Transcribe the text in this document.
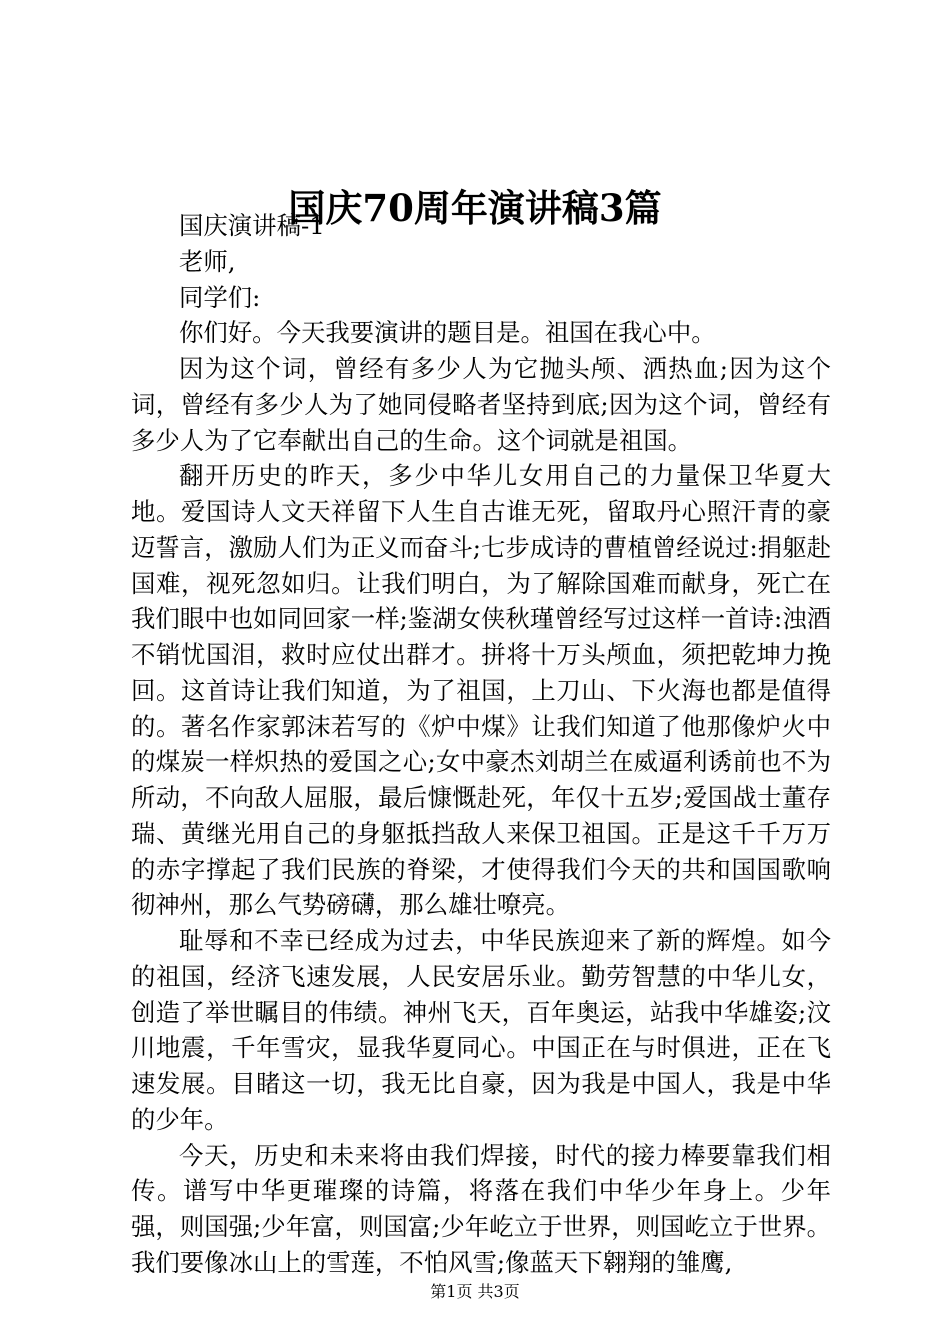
国庆70周年演讲稿3篇

国庆演讲稿-1

老师,

同学们:

你们好。今天我要演讲的题目是。祖国在我心中。

因为这个词，曾经有多少人为它抛头颅、洒热血;因为这个词，曾经有多少人为了她同侵略者坚持到底;因为这个词，曾经有多少人为了它奉献出自己的生命。这个词就是祖国。

翻开历史的昨天，多少中华儿女用自己的力量保卫华夏大地。爱国诗人文天祥留下人生自古谁无死，留取丹心照汗青的豪迈誓言，激励人们为正义而奋斗;七步成诗的曹植曾经说过:捐躯赴国难，视死忽如归。让我们明白，为了解除国难而献身，死亡在我们眼中也如同回家一样;鉴湖女侠秋瑾曾经写过这样一首诗:浊酒不销忧国泪，救时应仗出群才。拼将十万头颅血，须把乾坤力挽回。这首诗让我们知道，为了祖国，上刀山、下火海也都是值得的。著名作家郭沫若写的《炉中煤》让我们知道了他那像炉火中的煤炭一样炽热的爱国之心;女中豪杰刘胡兰在威逼利诱前也不为所动，不向敌人屈服，最后慷慨赴死，年仅十五岁;爱国战士董存瑞、黄继光用自己的身躯抵挡敌人来保卫祖国。正是这千千万万的赤字撑起了我们民族的脊梁，才使得我们今天的共和国国歌响彻神州，那么气势磅礴，那么雄壮嘹亮。

耻辱和不幸已经成为过去，中华民族迎来了新的辉煌。如今的祖国，经济飞速发展，人民安居乐业。勤劳智慧的中华儿女，创造了举世瞩目的伟绩。神州飞天，百年奥运，站我中华雄姿;汶川地震，千年雪灾，显我华夏同心。中国正在与时俱进，正在飞速发展。目睹这一切，我无比自豪，因为我是中国人，我是中华的少年。

今天，历史和未来将由我们焊接，时代的接力棒要靠我们相传。谱写中华更璀璨的诗篇，将落在我们中华少年身上。少年强，则国强;少年富，则国富;少年屹立于世界，则国屹立于世界。我们要像冰山上的雪莲，不怕风雪;像蓝天下翱翔的雏鹰,

第1页 共3页
